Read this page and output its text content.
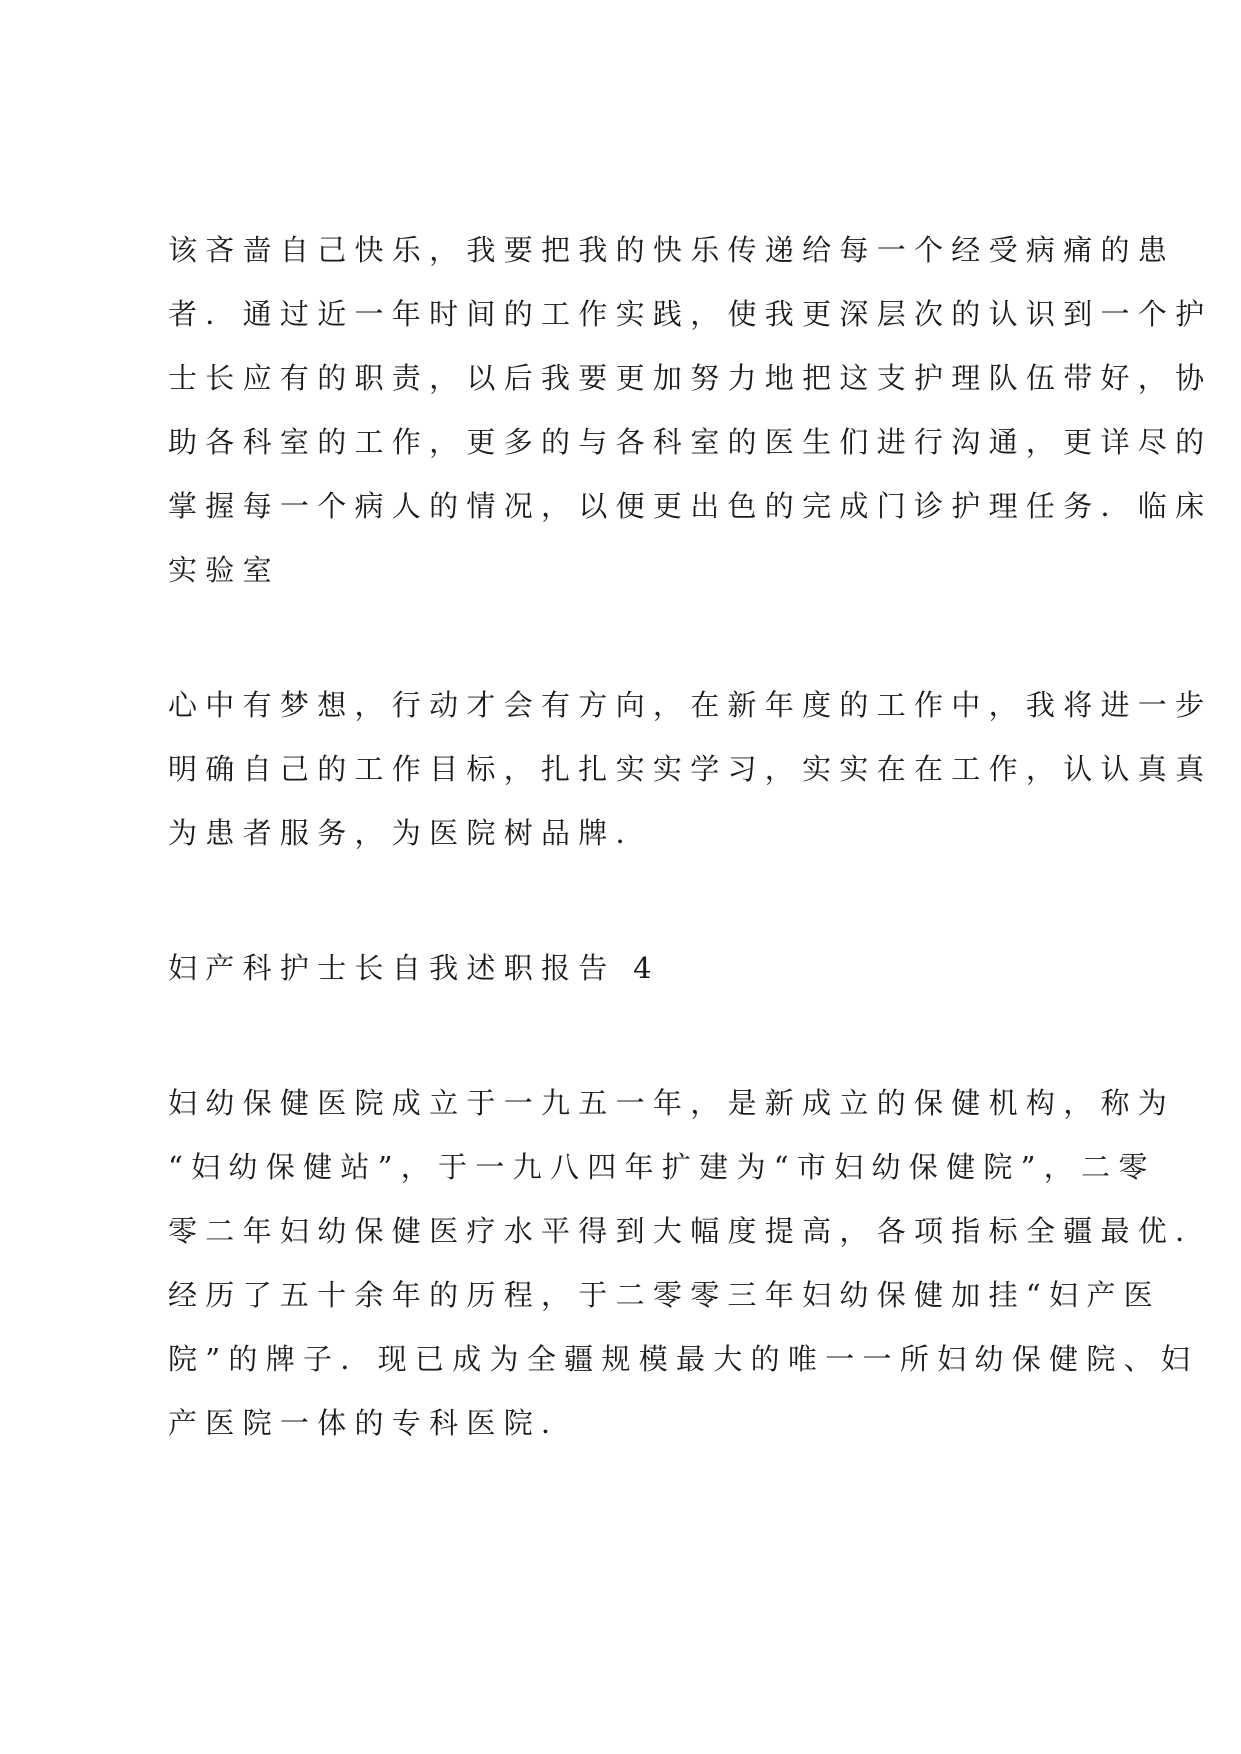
该吝啬自己快乐，我要把我的快乐传递给每一个经受病痛的患
者．通过近一年时间的工作实践，使我更深层次的认识到一个护
士长应有的职责，以后我要更加努力地把这支护理队伍带好，协
助各科室的工作，更多的与各科室的医生们进行沟通，更详尽的
掌握每一个病人的情况，以便更出色的完成门诊护理任务．临床
实验室
心中有梦想，行动才会有方向，在新年度的工作中，我将进一步
明确自己的工作目标，扎扎实实学习，实实在在工作，认认真真
为患者服务，为医院树品牌．
妇产科护士长自我述职报告 4
妇幼保健医院成立于一九五一年，是新成立的保健机构，称为
“妇幼保健站”，于一九八四年扩建为“市妇幼保健院”，二零
零二年妇幼保健医疗水平得到大幅度提高，各项指标全疆最优．
经历了五十余年的历程，于二零零三年妇幼保健加挂“妇产医
院”的牌子．现已成为全疆规模最大的唯一一所妇幼保健院、妇
产医院一体的专科医院．
